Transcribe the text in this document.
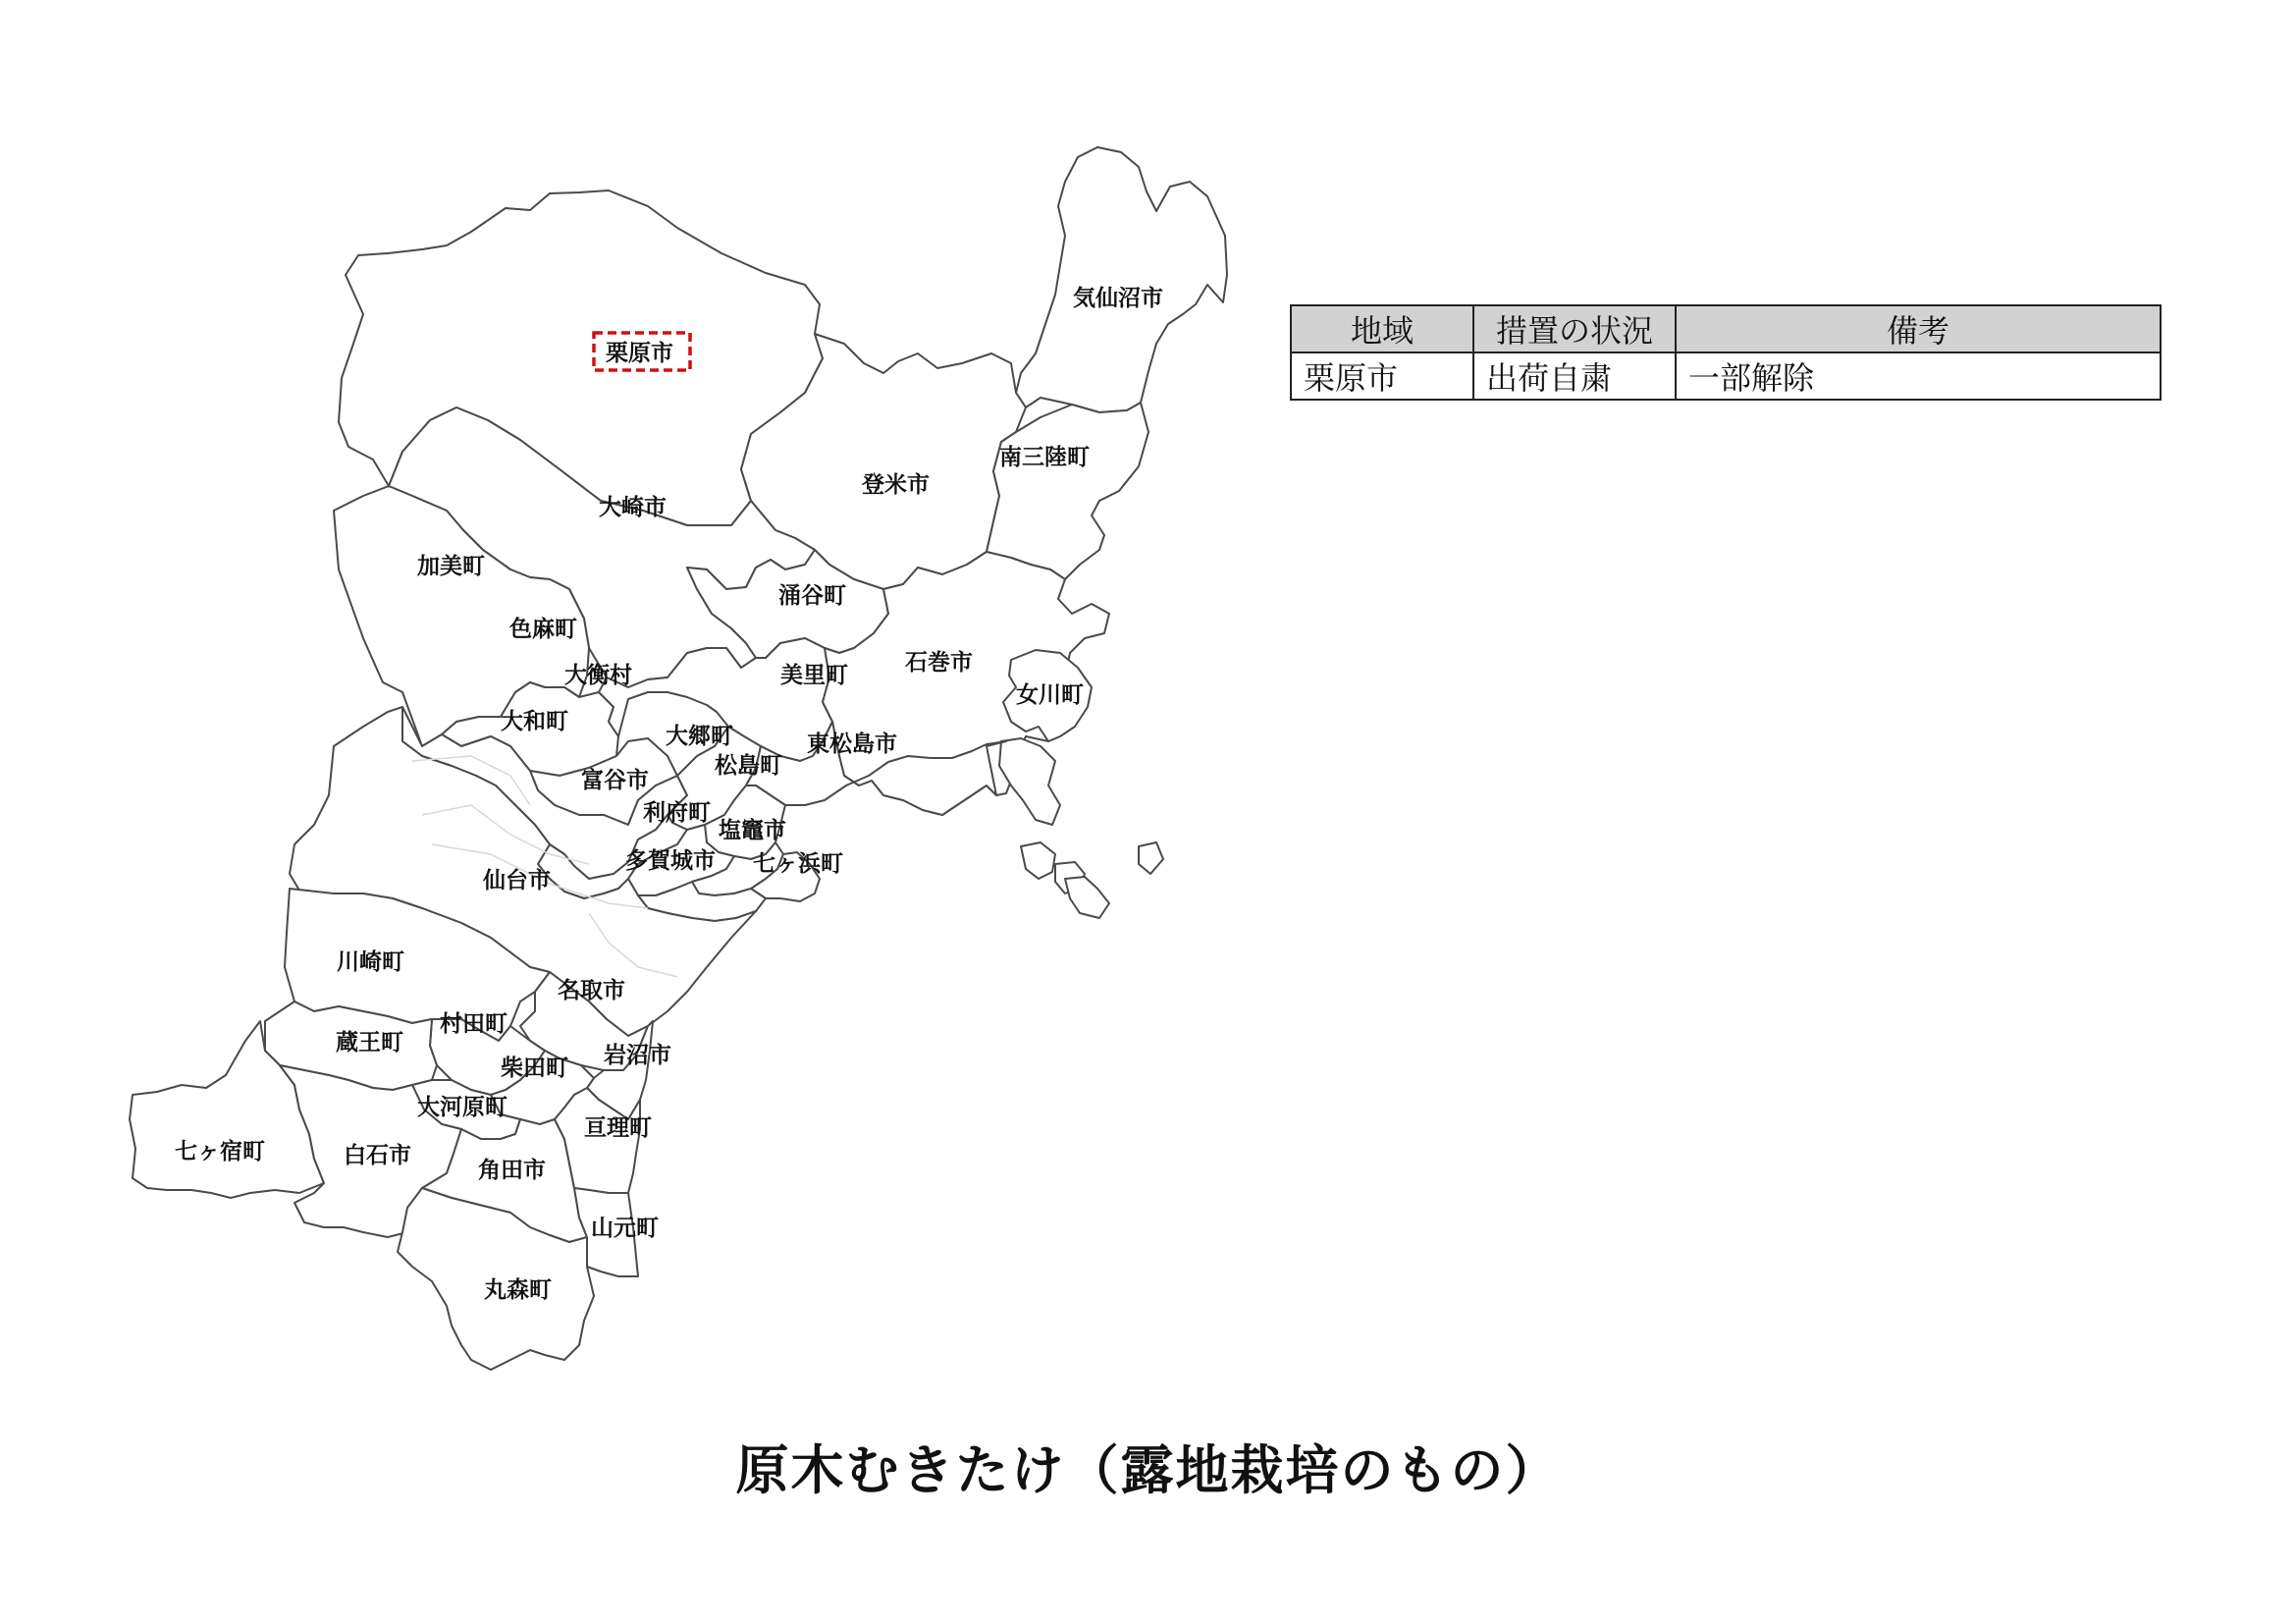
栗原市
気仙沼市
南三陸町
登米市
大崎市
加美町
涌谷町
色麻町
石巻市
美里町
大衡村
女川町
大和町
大郷町	東松島市
松島町
富谷市
利府町
塩竈市
多賀城市 七ヶ浜町
仙台市
川崎町
名取市
村田町
蔵王町
柴田町 岩沼市
大河原町
七ヶ宿町	白石市
亘理町
角田市
山元町
丸森町
地域	措置の状況	備考
栗原市	出荷自粛	一部解除
原木むきたけ（露地栽培のもの）
